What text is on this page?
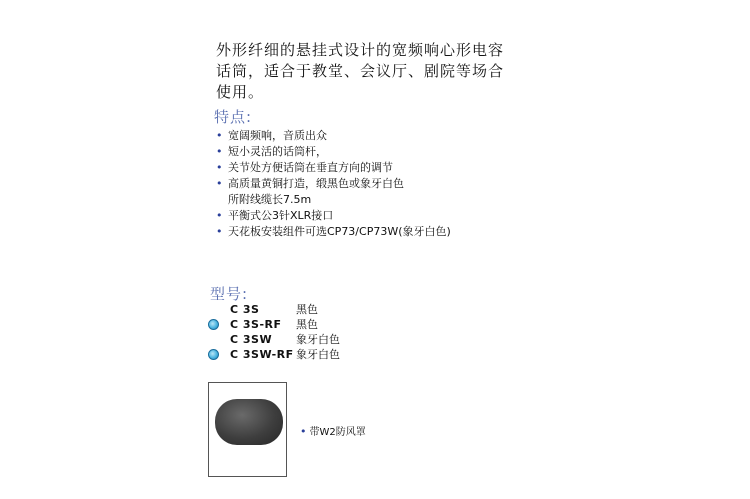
外形纤细的悬挂式设计的宽频响心形电容

话筒，适合于教堂、会议厅、剧院等场合

使用。

特点:
• 宽阔频响，音质出众
• 短小灵活的话筒杆，
• 关节处方便话筒在垂直方向的调节
• 高质量黄铜打造，缎黑色或象牙白色
所附线缆长7.5m
• 平衡式公3针XLR接口
• 天花板安装组件可选CP73/CP73W(象牙白色)
型号:
C 3S	黑色
C 3S-RF 黑色
C 3SW 象牙白色
C 3SW-RF 象牙白色
• 带W2防风罩
